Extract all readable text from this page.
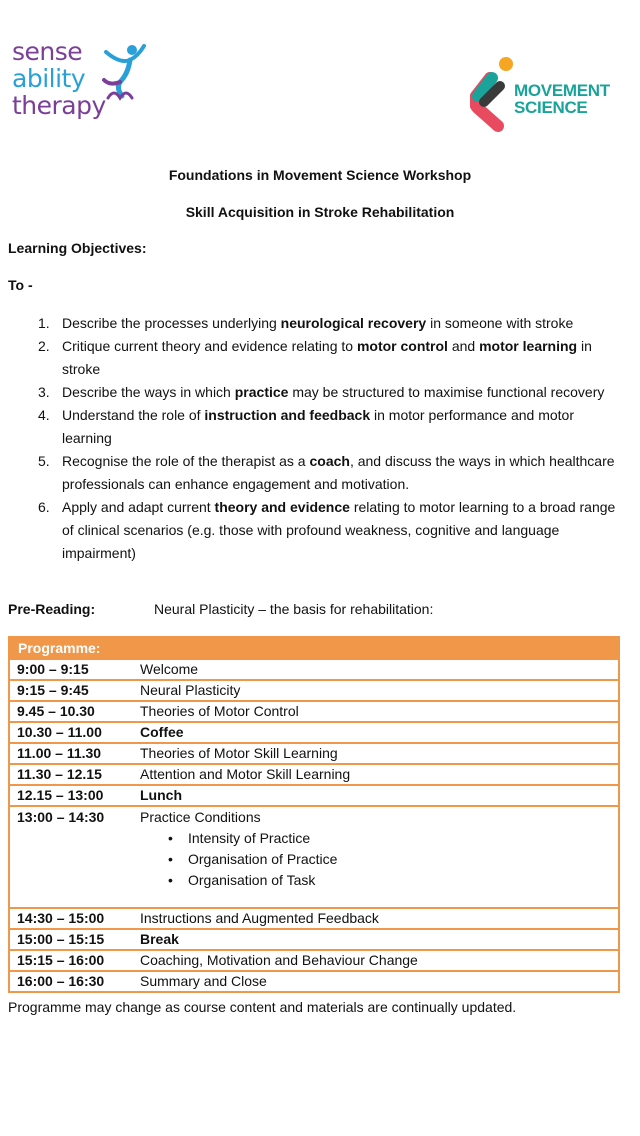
sense
ability
therapy
MOVEMENT
SCIENCE
Foundations in Movement Science Workshop
Skill Acquisition in Stroke Rehabilitation
Learning Objectives:
To -
1. Describe the processes underlying neurological recovery in someone with stroke
2. Critique current theory and evidence relating to motor control and motor learning in stroke
3. Describe the ways in which practice may be structured to maximise functional recovery
4. Understand the role of instruction and feedback in motor performance and motor learning
5. Recognise the role of the therapist as a coach, and discuss the ways in which healthcare professionals can enhance engagement and motivation.
6. Apply and adapt current theory and evidence relating to motor learning to a broad range of clinical scenarios (e.g. those with profound weakness, cognitive and language impairment)
Pre-Reading:	Neural Plasticity – the basis for rehabilitation:
Programme:
9:00 – 9:15	Welcome
9:15 – 9:45	Neural Plasticity
9.45 – 10.30	Theories of Motor Control
10.30 – 11.00	Coffee
11.00 – 11.30	Theories of Motor Skill Learning
11.30 – 12.15	Attention and Motor Skill Learning
12.15 – 13:00	Lunch
13:00 – 14:30	Practice Conditions
• Intensity of Practice
• Organisation of Practice
• Organisation of Task
14:30 – 15:00	Instructions and Augmented Feedback
15:00 – 15:15	Break
15:15 – 16:00	Coaching, Motivation and Behaviour Change
16:00 – 16:30	Summary and Close
Programme may change as course content and materials are continually updated.
